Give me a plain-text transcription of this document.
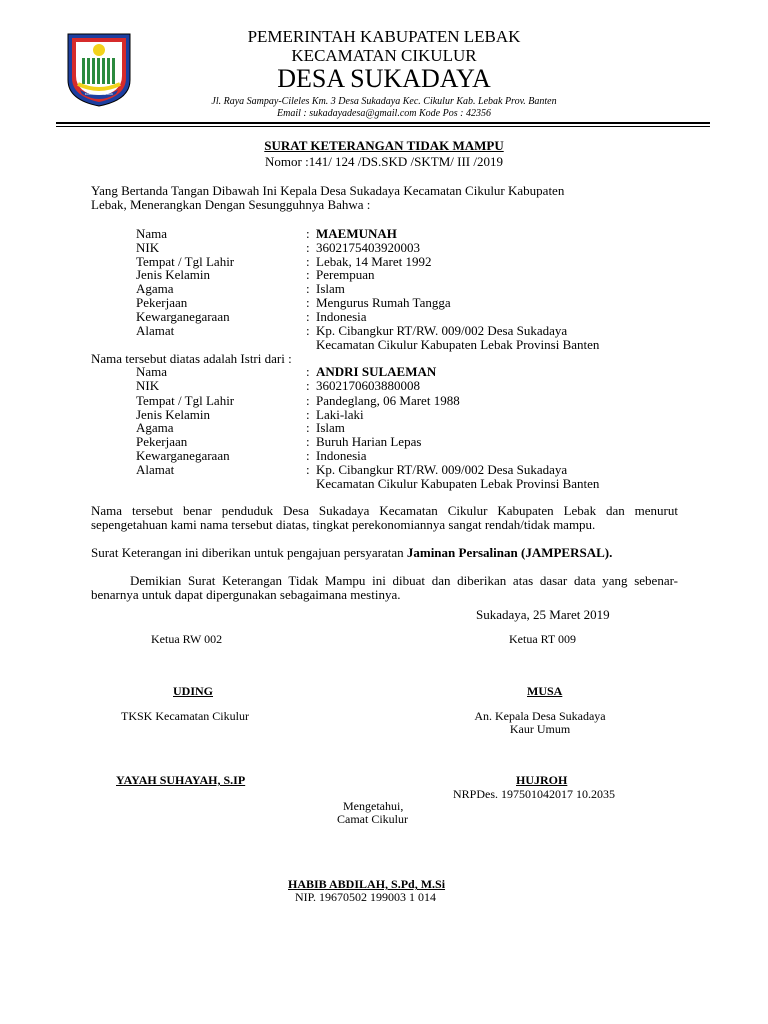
KABUPATEN LEBAK
PEMERINTAH KABUPATEN LEBAK
KECAMATAN CIKULUR
DESA SUKADAYA
Jl. Raya Sampay-Cileles Km. 3 Desa Sukadaya Kec. Cikulur Kab. Lebak Prov. Banten
Email : sukadayadesa@gmail.com Kode Pos : 42356
SURAT KETERANGAN TIDAK MAMPU
Nomor :141/ 124 /DS.SKD /SKTM/ III /2019
Yang Bertanda Tangan Dibawah Ini Kepala Desa Sukadaya Kecamatan Cikulur Kabupaten
Lebak, Menerangkan Dengan Sesungguhnya Bahwa :
Nama	: MAEMUNAH
NIK	: 3602175403920003
Tempat / Tgl Lahir	: Lebak, 14 Maret 1992
Jenis Kelamin	: Perempuan
Agama	: Islam
Pekerjaan	: Mengurus Rumah Tangga
Kewarganegaraan	: Indonesia
Alamat	: Kp. Cibangkur RT/RW. 009/002 Desa Sukadaya
Kecamatan Cikulur Kabupaten Lebak Provinsi Banten
Nama tersebut diatas adalah Istri dari :
Nama	: ANDRI SULAEMAN
NIK	: 3602170603880008
Tempat / Tgl Lahir	: Pandeglang, 06 Maret 1988
Jenis Kelamin	: Laki-laki
Agama	: Islam
Pekerjaan	: Buruh Harian Lepas
Kewarganegaraan	: Indonesia
Alamat	: Kp. Cibangkur RT/RW. 009/002 Desa Sukadaya
Kecamatan Cikulur Kabupaten Lebak Provinsi Banten
Nama tersebut benar penduduk Desa Sukadaya Kecamatan Cikulur Kabupaten Lebak dan menurut sepengetahuan kami nama tersebut diatas, tingkat perekonomiannya sangat rendah/tidak mampu.
Surat Keterangan ini diberikan untuk pengajuan persyaratan Jaminan Persalinan (JAMPERSAL).
Demikian Surat Keterangan Tidak Mampu ini dibuat dan diberikan atas dasar data yang sebenar-benarnya untuk dapat dipergunakan sebagaimana mestinya.
Sukadaya, 25 Maret 2019
Ketua RW 002	Ketua RT 009
UDING	MUSA
TKSK Kecamatan Cikulur	An. Kepala Desa Sukadaya
Kaur Umum
YAYAH SUHAYAH, S.IP	HUJROH
NRPDes. 197501042017 10.2035
Mengetahui,
Camat Cikulur
HABIB ABDILAH, S.Pd, M.Si
NIP. 19670502 199003 1 014
